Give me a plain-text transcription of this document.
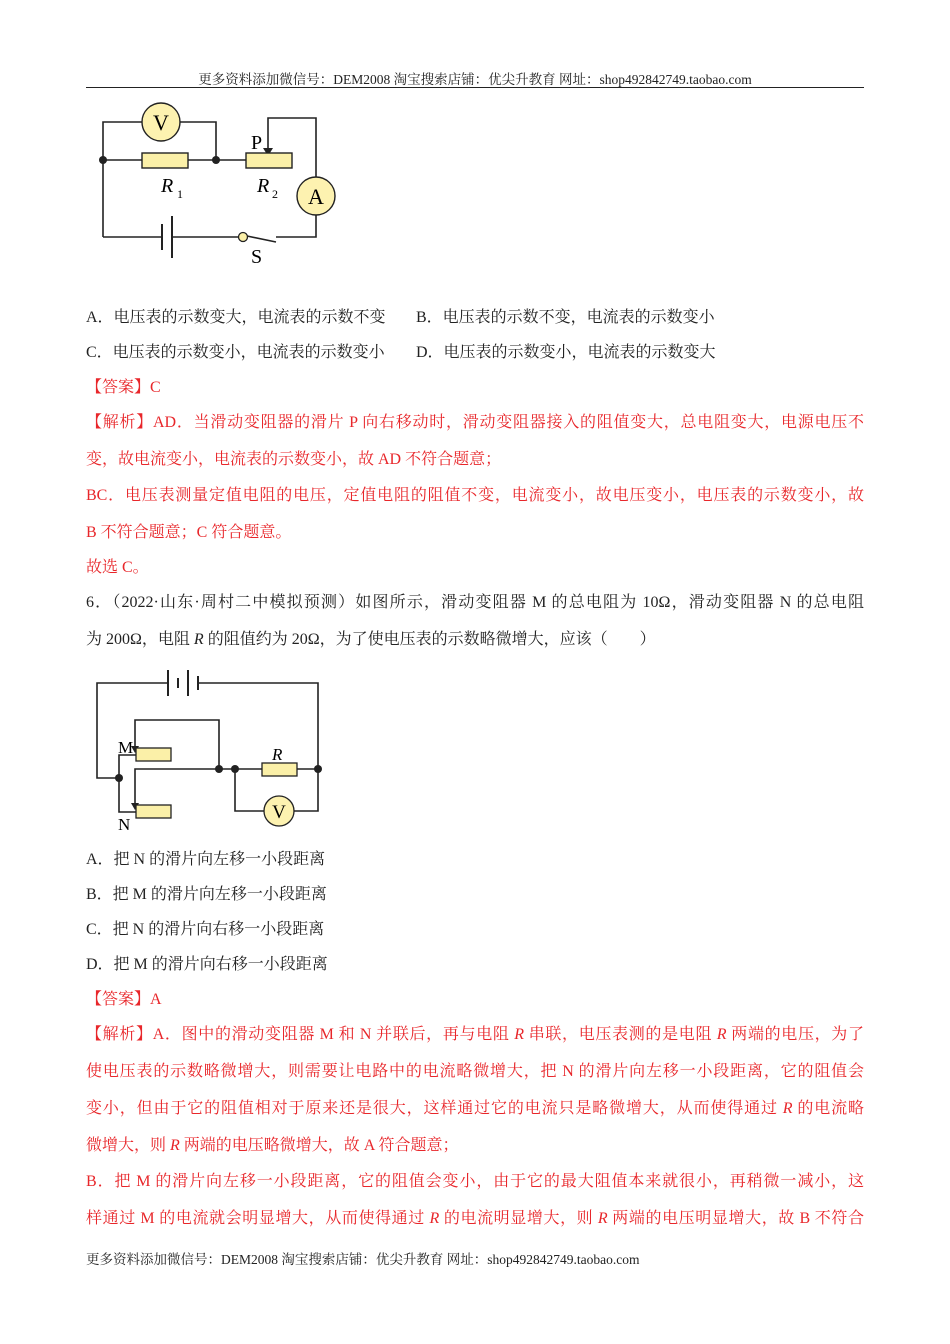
更多资料添加微信号：DEM2008 淘宝搜索店铺：优尖升教育 网址：shop492842749.taobao.com
V
A
P
R 1	R 2
S
A．电压表的示数变大，电流表的示数不变 B．电压表的示数不变，电流表的示数变小
C．电压表的示数变小，电流表的示数变小 D．电压表的示数变小，电流表的示数变大
【答案】C
【解析】AD．当滑动变阻器的滑片 P 向右移动时，滑动变阻器接入的阻值变大，总电阻变大，电源电压不
变，故电流变小，电流表的示数变小，故 AD 不符合题意；
BC．电压表测量定值电阻的电压，定值电阻的阻值不变，电流变小，故电压变小，电压表的示数变小，故
B 不符合题意；C 符合题意。
故选 C。
6．（2022·山东·周村二中模拟预测）如图所示，滑动变阻器 M 的总电阻为 10Ω，滑动变阻器 N 的总电阻
为 200Ω，电阻 R 的阻值约为 20Ω，为了使电压表的示数略微增大，应该（　　）
V
M
N
R
A．把 N 的滑片向左移一小段距离
B．把 M 的滑片向左移一小段距离
C．把 N 的滑片向右移一小段距离
D．把 M 的滑片向右移一小段距离
【答案】A
【解析】A．图中的滑动变阻器 M 和 N 并联后，再与电阻 R 串联，电压表测的是电阻 R 两端的电压，为了
使电压表的示数略微增大，则需要让电路中的电流略微增大，把 N 的滑片向左移一小段距离，它的阻值会
变小，但由于它的阻值相对于原来还是很大，这样通过它的电流只是略微增大，从而使得通过 R 的电流略
微增大，则 R 两端的电压略微增大，故 A 符合题意；
B．把 M 的滑片向左移一小段距离，它的阻值会变小，由于它的最大阻值本来就很小，再稍微一减小，这
样通过 M 的电流就会明显增大，从而使得通过 R 的电流明显增大，则 R 两端的电压明显增大，故 B 不符合
更多资料添加微信号：DEM2008 淘宝搜索店铺：优尖升教育 网址：shop492842749.taobao.com
